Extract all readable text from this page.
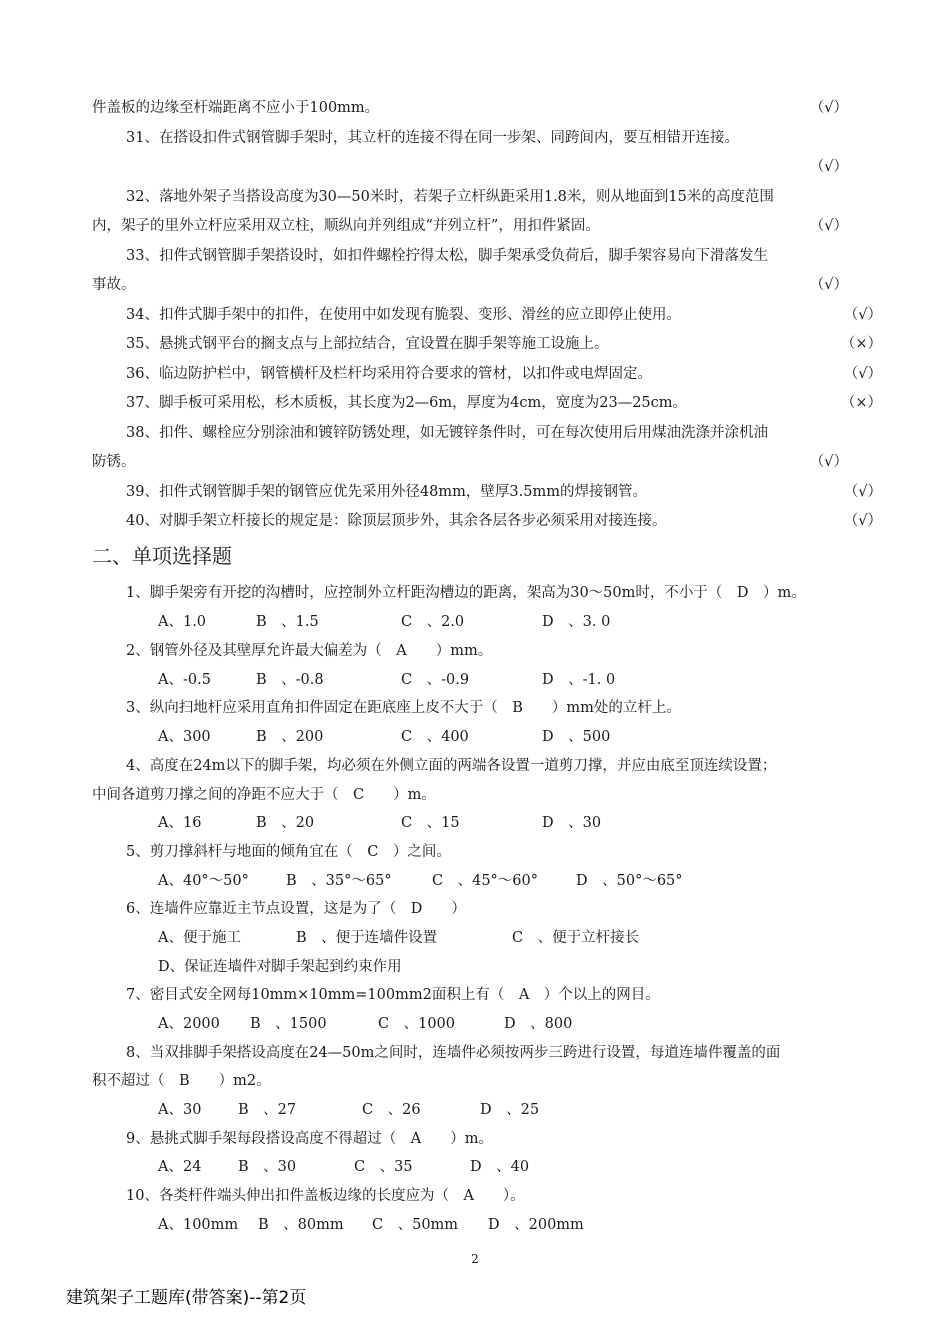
件盖板的边缘至杆端距离不应小于100mm。	（√）
31、在搭设扣件式钢管脚手架时，其立杆的连接不得在同一步架、同跨间内，要互相错开连接。
（√）
32、落地外架子当搭设高度为30—50米时，若架子立杆纵距采用1.8米，则从地面到15米的高度范围
内，架子的里外立杆应采用双立柱，顺纵向并列组成“并列立杆”，用扣件紧固。	（√）
33、扣件式钢管脚手架搭设时，如扣件螺栓拧得太松，脚手架承受负荷后，脚手架容易向下滑落发生
事故。	（√）
34、扣件式脚手架中的扣件，在使用中如发现有脆裂、变形、滑丝的应立即停止使用。	（√）
35、悬挑式钢平台的搁支点与上部拉结合，宜设置在脚手架等施工设施上。	（×）
36、临边防护栏中，钢管横杆及栏杆均采用符合要求的管材，以扣件或电焊固定。	（√）
37、脚手板可采用松，杉木质板，其长度为2—6m，厚度为4cm，宽度为23—25cm。	（×）
38、扣件、螺栓应分别涂油和镀锌防锈处理，如无镀锌条件时，可在每次使用后用煤油洗涤并涂机油
防锈。	（√）
39、扣件式钢管脚手架的钢管应优先采用外径48mm，壁厚3.5mm的焊接钢管。	（√）
40、对脚手架立杆接长的规定是：除顶层顶步外，其余各层各步必须采用对接连接。	（√）
二、单项选择题
1、脚手架旁有开挖的沟槽时，应控制外立杆距沟槽边的距离，架高为30～50m时，不小于（　D　）m。
A、1.0	B　、1.5	C　、2.0	D　、3. 0
2、钢管外径及其壁厚允许最大偏差为（　A　　）mm。
A、-0.5	B　、-0.8	C　、-0.9	D　、-1. 0
3、纵向扫地杆应采用直角扣件固定在距底座上皮不大于（　B　　）mm处的立杆上。
A、300	B　、200	C　、400	D　、500
4、高度在24m以下的脚手架，均必须在外侧立面的两端各设置一道剪刀撑，并应由底至顶连续设置；
中间各道剪刀撑之间的净距不应大于（　C　　）m。
A、16	B　、20	C　、15	D　、30
5、剪刀撑斜杆与地面的倾角宜在（　C　）之间。
A、40°～50°	B　、35°～65°	C　、45°～60°	D　、50°～65°
6、连墙件应靠近主节点设置，这是为了（　D　　）
A、便于施工	B　、便于连墙件设置	C　、便于立杆接长
D、保证连墙件对脚手架起到约束作用
7、密目式安全网每10mm×10mm=100mm2面积上有（　A　）个以上的网目。
A、2000 B　、1500	C　、1000	D　、800
8、当双排脚手架搭设高度在24—50m之间时，连墙件必须按两步三跨进行设置，每道连墙件覆盖的面
积不超过（　B　　）m2。
A、30	B　、27	C　、26	D　、25
9、悬挑式脚手架每段搭设高度不得超过（　A　　）m。
A、24	B　、30	C　、35	D　、40
10、各类杆件端头伸出扣件盖板边缘的长度应为（　A　　）。
A、100mm B　、80mm C　、50mm D　、200mm
2
建筑架子工题库(带答案)--第2页
